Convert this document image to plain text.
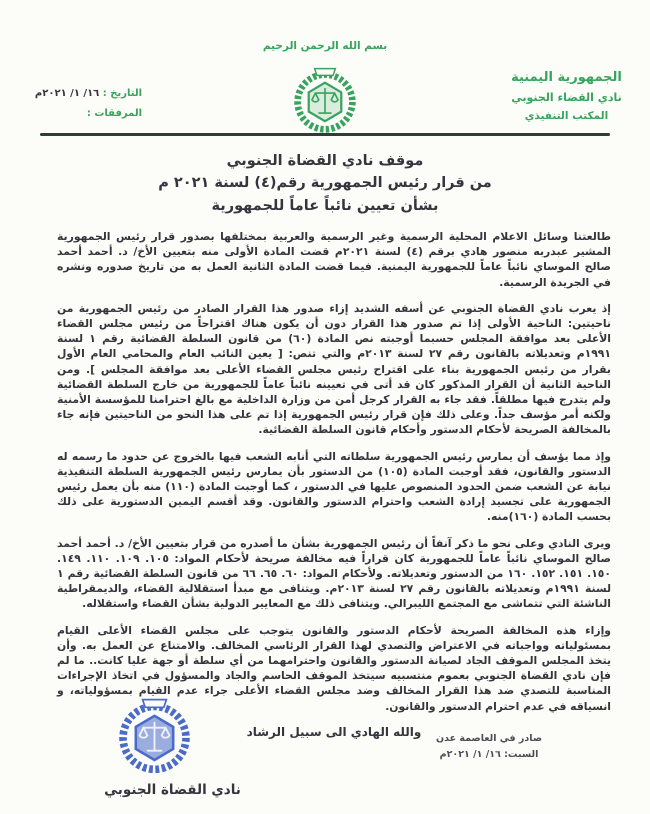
بسم الله الرحمن الرحيم
الجمهورية اليمنية
نادي القضاء الجنوبي
المكتب التنفيذي
التاريخ : ١٦/ ١/ ٢٠٢١م
المرفقات :
موقف نادي القضاة الجنوبي
من قرار رئيس الجمهورية رقم(٤) لسنة ٢٠٢١ م
بشأن تعيين نائباً عاماً للجمهورية

طالعتنا وسائل الاعلام المحلية الرسمية وغير الرسمية والعربية بمختلفها بصدور قرار رئيس الجمهورية المشير عبدربه منصور هادي برقم (٤) لسنة ٢٠٢١م قضت المادة الأولى منه بتعيين الأخ/ د. أحمد أحمد صالح الموساي نائباً عاماً للجمهورية اليمنية. فيما قضت المادة الثانية العمل به من تاريخ صدوره ونشره في الجريدة الرسمية.

إذ يعرب نادي القضاة الجنوبي عن أسفه الشديد إزاء صدور هذا القرار الصادر من رئيس الجمهورية من ناحيتين: الناحية الأولى إذا تم صدور هذا القرار دون أن يكون هناك اقتراحاً من رئيس مجلس القضاء الأعلى بعد موافقة المجلس حسبما أوجبته نص المادة (٦٠) من قانون السلطة القضائية رقم ١ لسنة ١٩٩١م وتعديلاته بالقانون رقم ٢٧ لسنة ٢٠١٣م والتي تنص: [ يعين النائب العام والمحامي العام الأول بقرار من رئيس الجمهورية بناء على اقتراح رئيس مجلس القضاء الأعلى بعد موافقة المجلس ]. ومن الناحية الثانية أن القرار المذكور كان قد أتى في تعيينه نائباً عاماً للجمهورية من خارج السلطة القضائية ولم يتدرج فيها مطلقاً. فقد جاء به القرار كرجل أمن من وزارة الداخلية مع بالغ احترامنا للمؤسسة الأمنية ولكنه أمر مؤسف جداً. وعلى ذلك فإن قرار رئيس الجمهورية إذا تم على هذا النحو من الناحيتين فإنه جاء بالمخالفة الصريحة لأحكام الدستور وأحكام قانون السلطة القضائية.

وإذ مما يؤسف أن يمارس رئيس الجمهورية سلطاته التي أنابه الشعب فيها بالخروج عن حدود ما رسمه له الدستور والقانون، فقد أوجبت المادة (١٠٥) من الدستور بأن يمارس رئيس الجمهورية السلطة التنفيذية نيابة عن الشعب ضمن الحدود المنصوص عليها في الدستور ، كما أوجبت المادة (١١٠) منه بأن يعمل رئيس الجمهورية على تجسيد إرادة الشعب واحترام الدستور والقانون. وقد أقسم اليمين الدستورية على ذلك بحسب المادة (١٦٠)منه.

ويرى النادي وعلى نحو ما ذكر آنفاً أن رئيس الجمهورية بشأن ما أصدره من قرار بتعيين الأخ/ د. أحمد أحمد صالح الموساي نائباً عاماً للجمهورية كان قراراً فيه مخالفة صريحة لأحكام المواد: ١٠٥. ١٠٩. ١١٠. ١٤٩. ١٥٠. ١٥١. ١٥٢. ١٦٠ من الدستور وتعديلاته. ولأحكام المواد: ٦٠. ٦٥. ٦٦ من قانون السلطة القضائية رقم ١ لسنة ١٩٩١م وتعديلاته بالقانون رقم ٢٧ لسنة ٢٠١٣م. ويتنافى مع مبدأ استقلالية القضاء، والديمقراطية الناشئة التي تتماشى مع المجتمع الليبرالي. ويتنافى ذلك مع المعايير الدولية بشأن القضاء واستقلاله.

وإزاء هذه المخالفة الصريحة لأحكام الدستور والقانون يتوجب على مجلس القضاء الأعلى القيام بمسئولياته وواجباته في الاعتراض والتصدي لهذا القرار الرئاسي المخالف. والامتناع عن العمل به. وأن يتخذ المجلس الموقف الجاد لصيانة الدستور والقانون واحترامهما من أي سلطة أو جهة عليا كانت.. ما لم فإن نادي القضاة الجنوبي بعموم منتسبيه سيتخذ الموقف الحاسم والجاد والمسؤول في اتخاذ الإجراءات المناسبة للتصدي ضد هذا القرار المخالف وضد مجلس القضاء الأعلى جراء عدم القيام بمسؤولياته، و انسياقه في عدم احترام الدستور والقانون.

والله الهادي الى سبيل الرشاد	صادر في العاصمة عدن
السبت: ١٦/ ١/ ٢٠٢١م
نادي القضاة الجنوبي
